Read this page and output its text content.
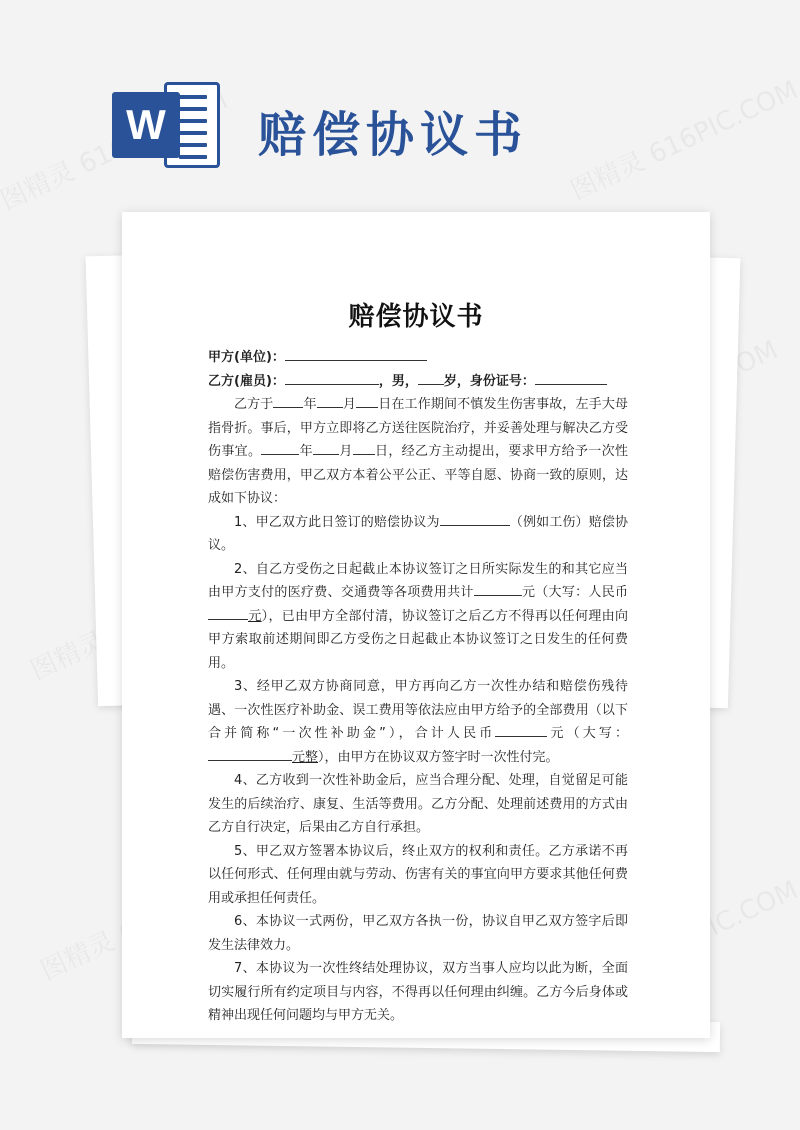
W 赔偿协议书
赔偿协议书

甲方(单位)：

乙方(雇员)：	，男， 岁，身份证号：

乙方于 年 月 日在工作期间不慎发生伤害事故，左手大母指骨折。事后，甲方立即将乙方送往医院治疗，并妥善处理与解决乙方受伤事宜。	年 月 日，经乙方主动提出，要求甲方给予一次性赔偿伤害费用，甲乙双方本着公平公正、平等自愿、协商一致的原则，达成如下协议：

1、甲乙双方此日签订的赔偿协议为	（例如工伤）赔偿协议。

2、自乙方受伤之日起截止本协议签订之日所实际发生的和其它应当由甲方支付的医疗费、交通费等各项费用共计	元（大写：人民币元），已由甲方全部付清，协议签订之后乙方不得再以任何理由向甲方索取前述期间即乙方受伤之日起截止本协议签订之日发生的任何费用。

3、经甲乙双方协商同意，甲方再向乙方一次性办结和赔偿伤残待遇、一次性医疗补助金、误工费用等依法应由甲方给予的全部费用（以下合并简称“一次性补助金”），合计人民币	元（大写：元整），由甲方在协议双方签字时一次性付完。

4、乙方收到一次性补助金后，应当合理分配、处理，自觉留足可能发生的后续治疗、康复、生活等费用。乙方分配、处理前述费用的方式由乙方自行决定，后果由乙方自行承担。

5、甲乙双方签署本协议后，终止双方的权利和责任。乙方承诺不再以任何形式、任何理由就与劳动、伤害有关的事宜向甲方要求其他任何费用或承担任何责任。

6、本协议一式两份，甲乙双方各执一份，协议自甲乙双方签字后即发生法律效力。

7、本协议为一次性终结处理协议，双方当事人应均以此为断，全面切实履行所有约定项目与内容，不得再以任何理由纠缠。乙方今后身体或精神出现任何问题均与甲方无关。
